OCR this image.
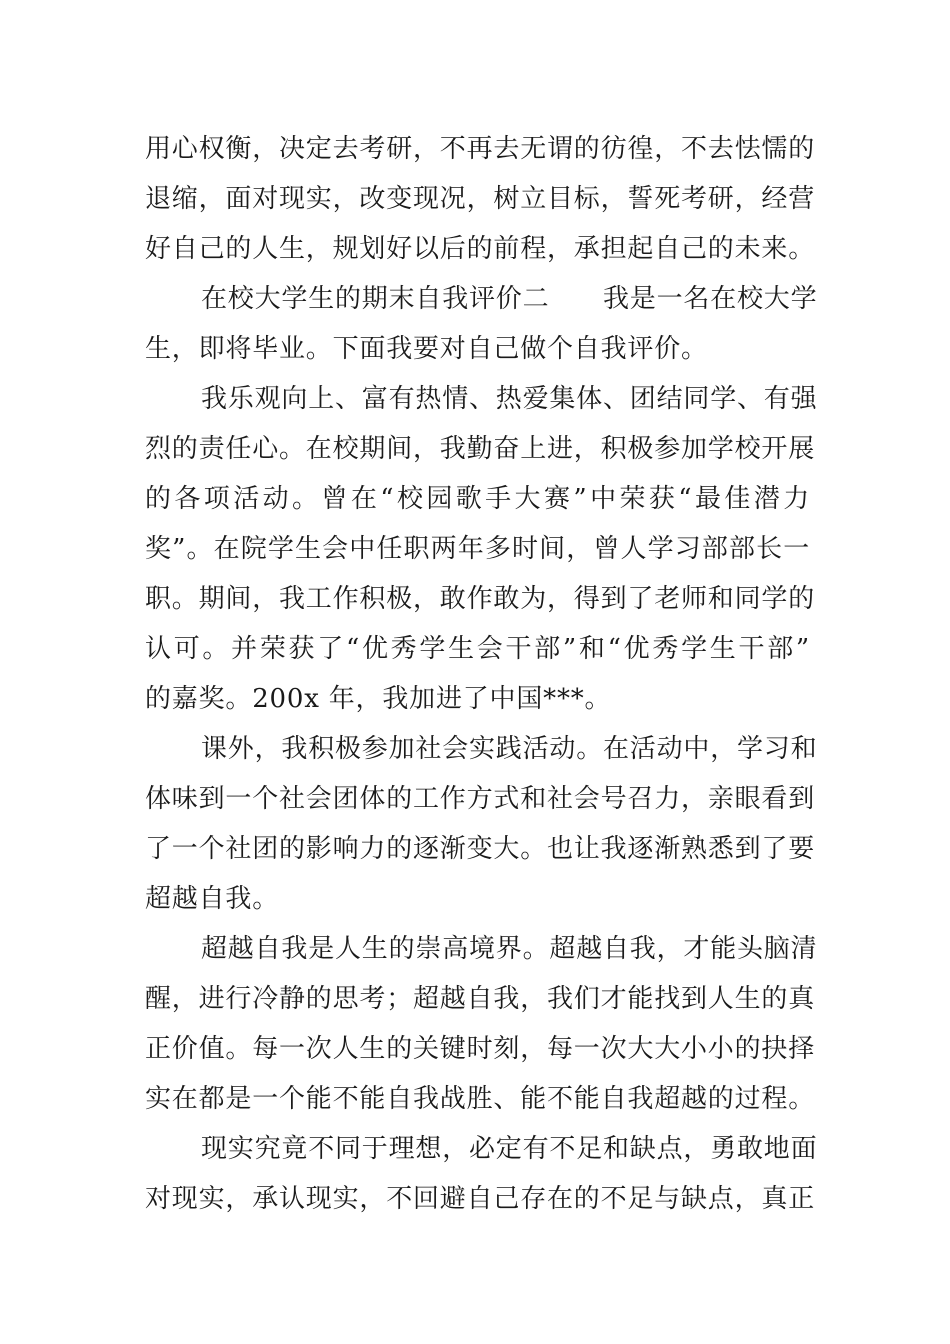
用心权衡，决定去考研，不再去无谓的彷徨，不去怯懦的
退缩，面对现实，改变现况，树立目标，誓死考研，经营
好自己的人生，规划好以后的前程，承担起自己的未来。
在校大学生的期末自我评价二　　我是一名在校大学
生，即将毕业。下面我要对自己做个自我评价。
我乐观向上、富有热情、热爱集体、团结同学、有强
烈的责任心。在校期间，我勤奋上进，积极参加学校开展
的各项活动。曾在“校园歌手大赛”中荣获“最佳潜力
奖”。在院学生会中任职两年多时间，曾人学习部部长一
职。期间，我工作积极，敢作敢为，得到了老师和同学的
认可。并荣获了“优秀学生会干部”和“优秀学生干部”
的嘉奖。200x 年，我加进了中国***。
课外，我积极参加社会实践活动。在活动中，学习和
体味到一个社会团体的工作方式和社会号召力，亲眼看到
了一个社团的影响力的逐渐变大。也让我逐渐熟悉到了要
超越自我。
超越自我是人生的崇高境界。超越自我，才能头脑清
醒，进行冷静的思考；超越自我，我们才能找到人生的真
正价值。每一次人生的关键时刻，每一次大大小小的抉择
实在都是一个能不能自我战胜、能不能自我超越的过程。
现实究竟不同于理想，必定有不足和缺点，勇敢地面
对现实，承认现实，不回避自己存在的不足与缺点，真正
